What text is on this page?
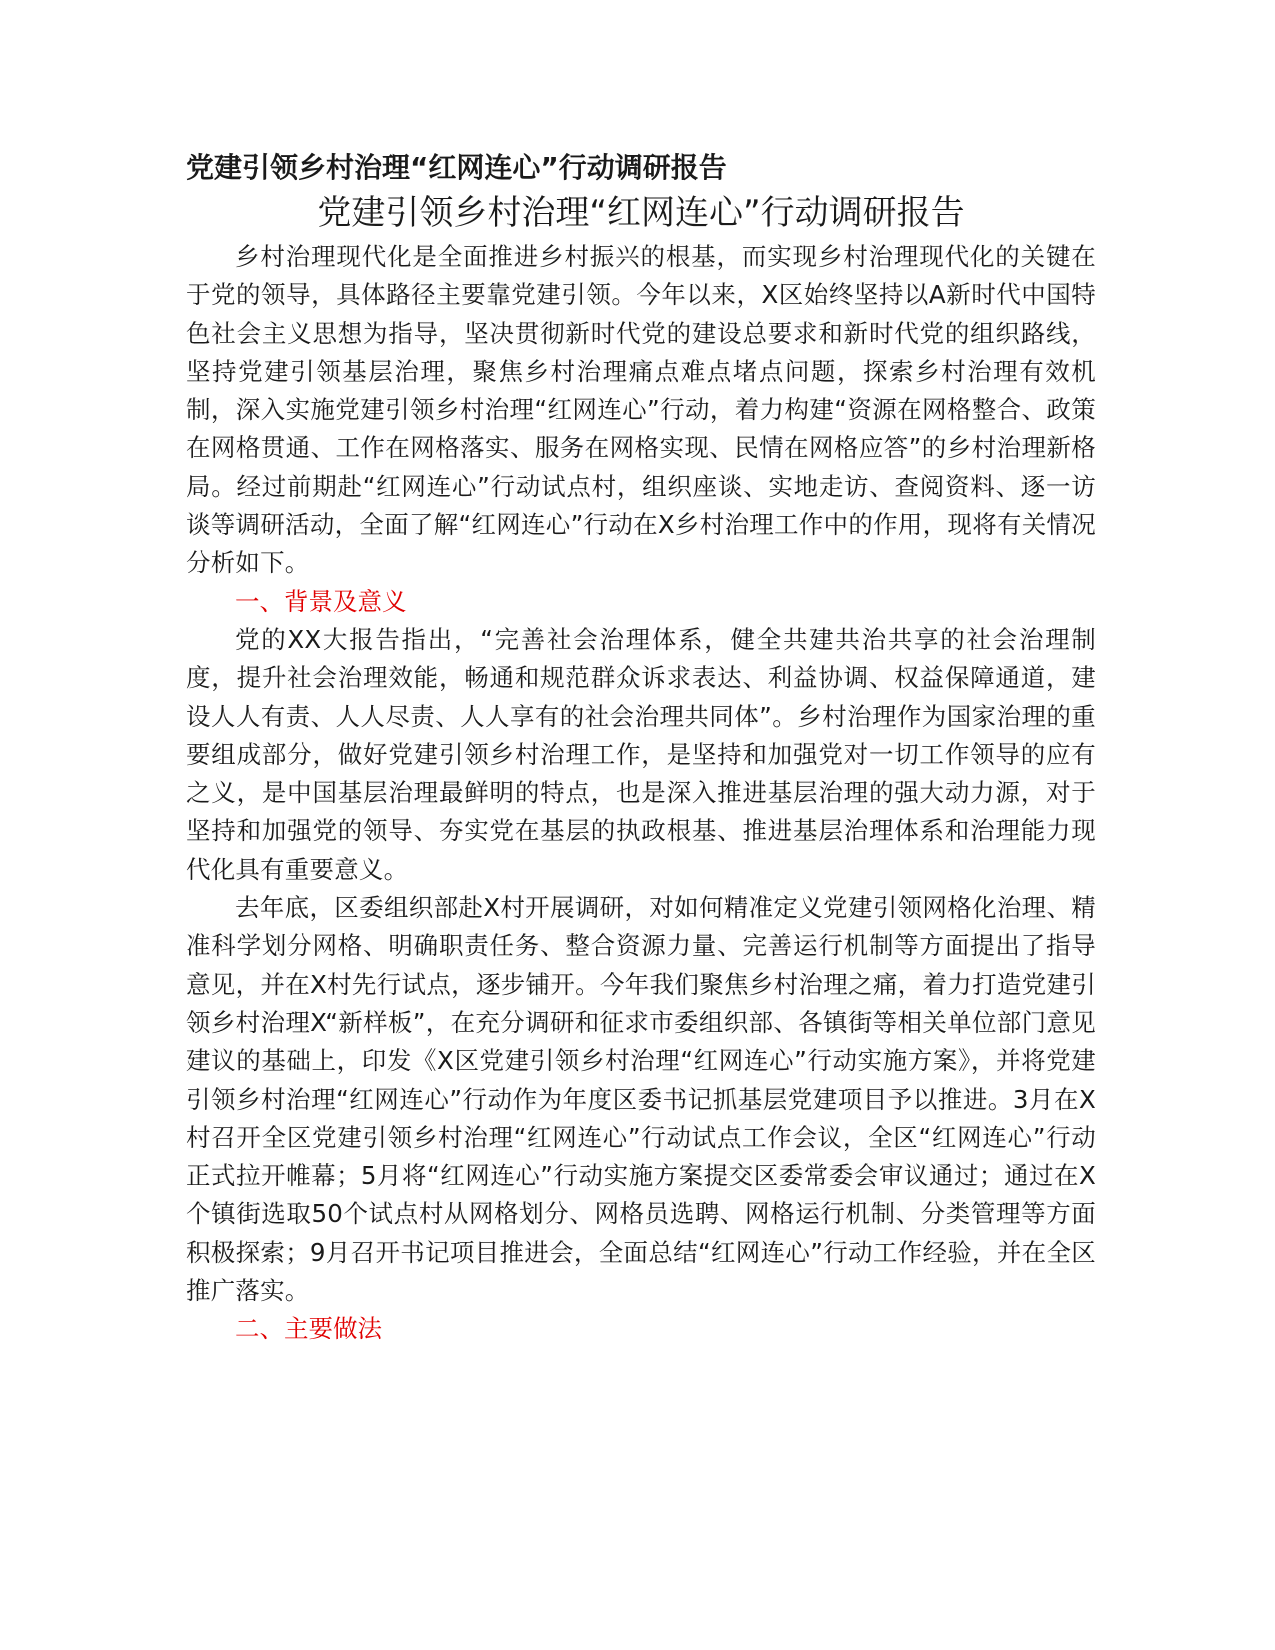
党建引领乡村治理“红网连心”行动调研报告
党建引领乡村治理“红网连心”行动调研报告

乡村治理现代化是全面推进乡村振兴的根基，而实现乡村治理现代化的关键在于党的领导，具体路径主要靠党建引领。今年以来，X区始终坚持以A新时代中国特色社会主义思想为指导，坚决贯彻新时代党的建设总要求和新时代党的组织路线，坚持党建引领基层治理，聚焦乡村治理痛点难点堵点问题，探索乡村治理有效机制，深入实施党建引领乡村治理“红网连心”行动，着力构建“资源在网格整合、政策在网格贯通、工作在网格落实、服务在网格实现、民情在网格应答”的乡村治理新格局。经过前期赴“红网连心”行动试点村，组织座谈、实地走访、查阅资料、逐一访谈等调研活动，全面了解“红网连心”行动在X乡村治理工作中的作用，现将有关情况分析如下。

一、背景及意义

党的XX大报告指出，“完善社会治理体系，健全共建共治共享的社会治理制度，提升社会治理效能，畅通和规范群众诉求表达、利益协调、权益保障通道，建设人人有责、人人尽责、人人享有的社会治理共同体”。乡村治理作为国家治理的重要组成部分，做好党建引领乡村治理工作，是坚持和加强党对一切工作领导的应有之义，是中国基层治理最鲜明的特点，也是深入推进基层治理的强大动力源，对于坚持和加强党的领导、夯实党在基层的执政根基、推进基层治理体系和治理能力现代化具有重要意义。

去年底，区委组织部赴X村开展调研，对如何精准定义党建引领网格化治理、精准科学划分网格、明确职责任务、整合资源力量、完善运行机制等方面提出了指导意见，并在X村先行试点，逐步铺开。今年我们聚焦乡村治理之痛，着力打造党建引领乡村治理X“新样板”，在充分调研和征求市委组织部、各镇街等相关单位部门意见建议的基础上，印发《X区党建引领乡村治理“红网连心”行动实施方案》，并将党建引领乡村治理“红网连心”行动作为年度区委书记抓基层党建项目予以推进。3月在X村召开全区党建引领乡村治理“红网连心”行动试点工作会议，全区“红网连心”行动正式拉开帷幕；5月将“红网连心”行动实施方案提交区委常委会审议通过；通过在X个镇街选取50个试点村从网格划分、网格员选聘、网格运行机制、分类管理等方面积极探索；9月召开书记项目推进会，全面总结“红网连心”行动工作经验，并在全区推广落实。

二、主要做法
